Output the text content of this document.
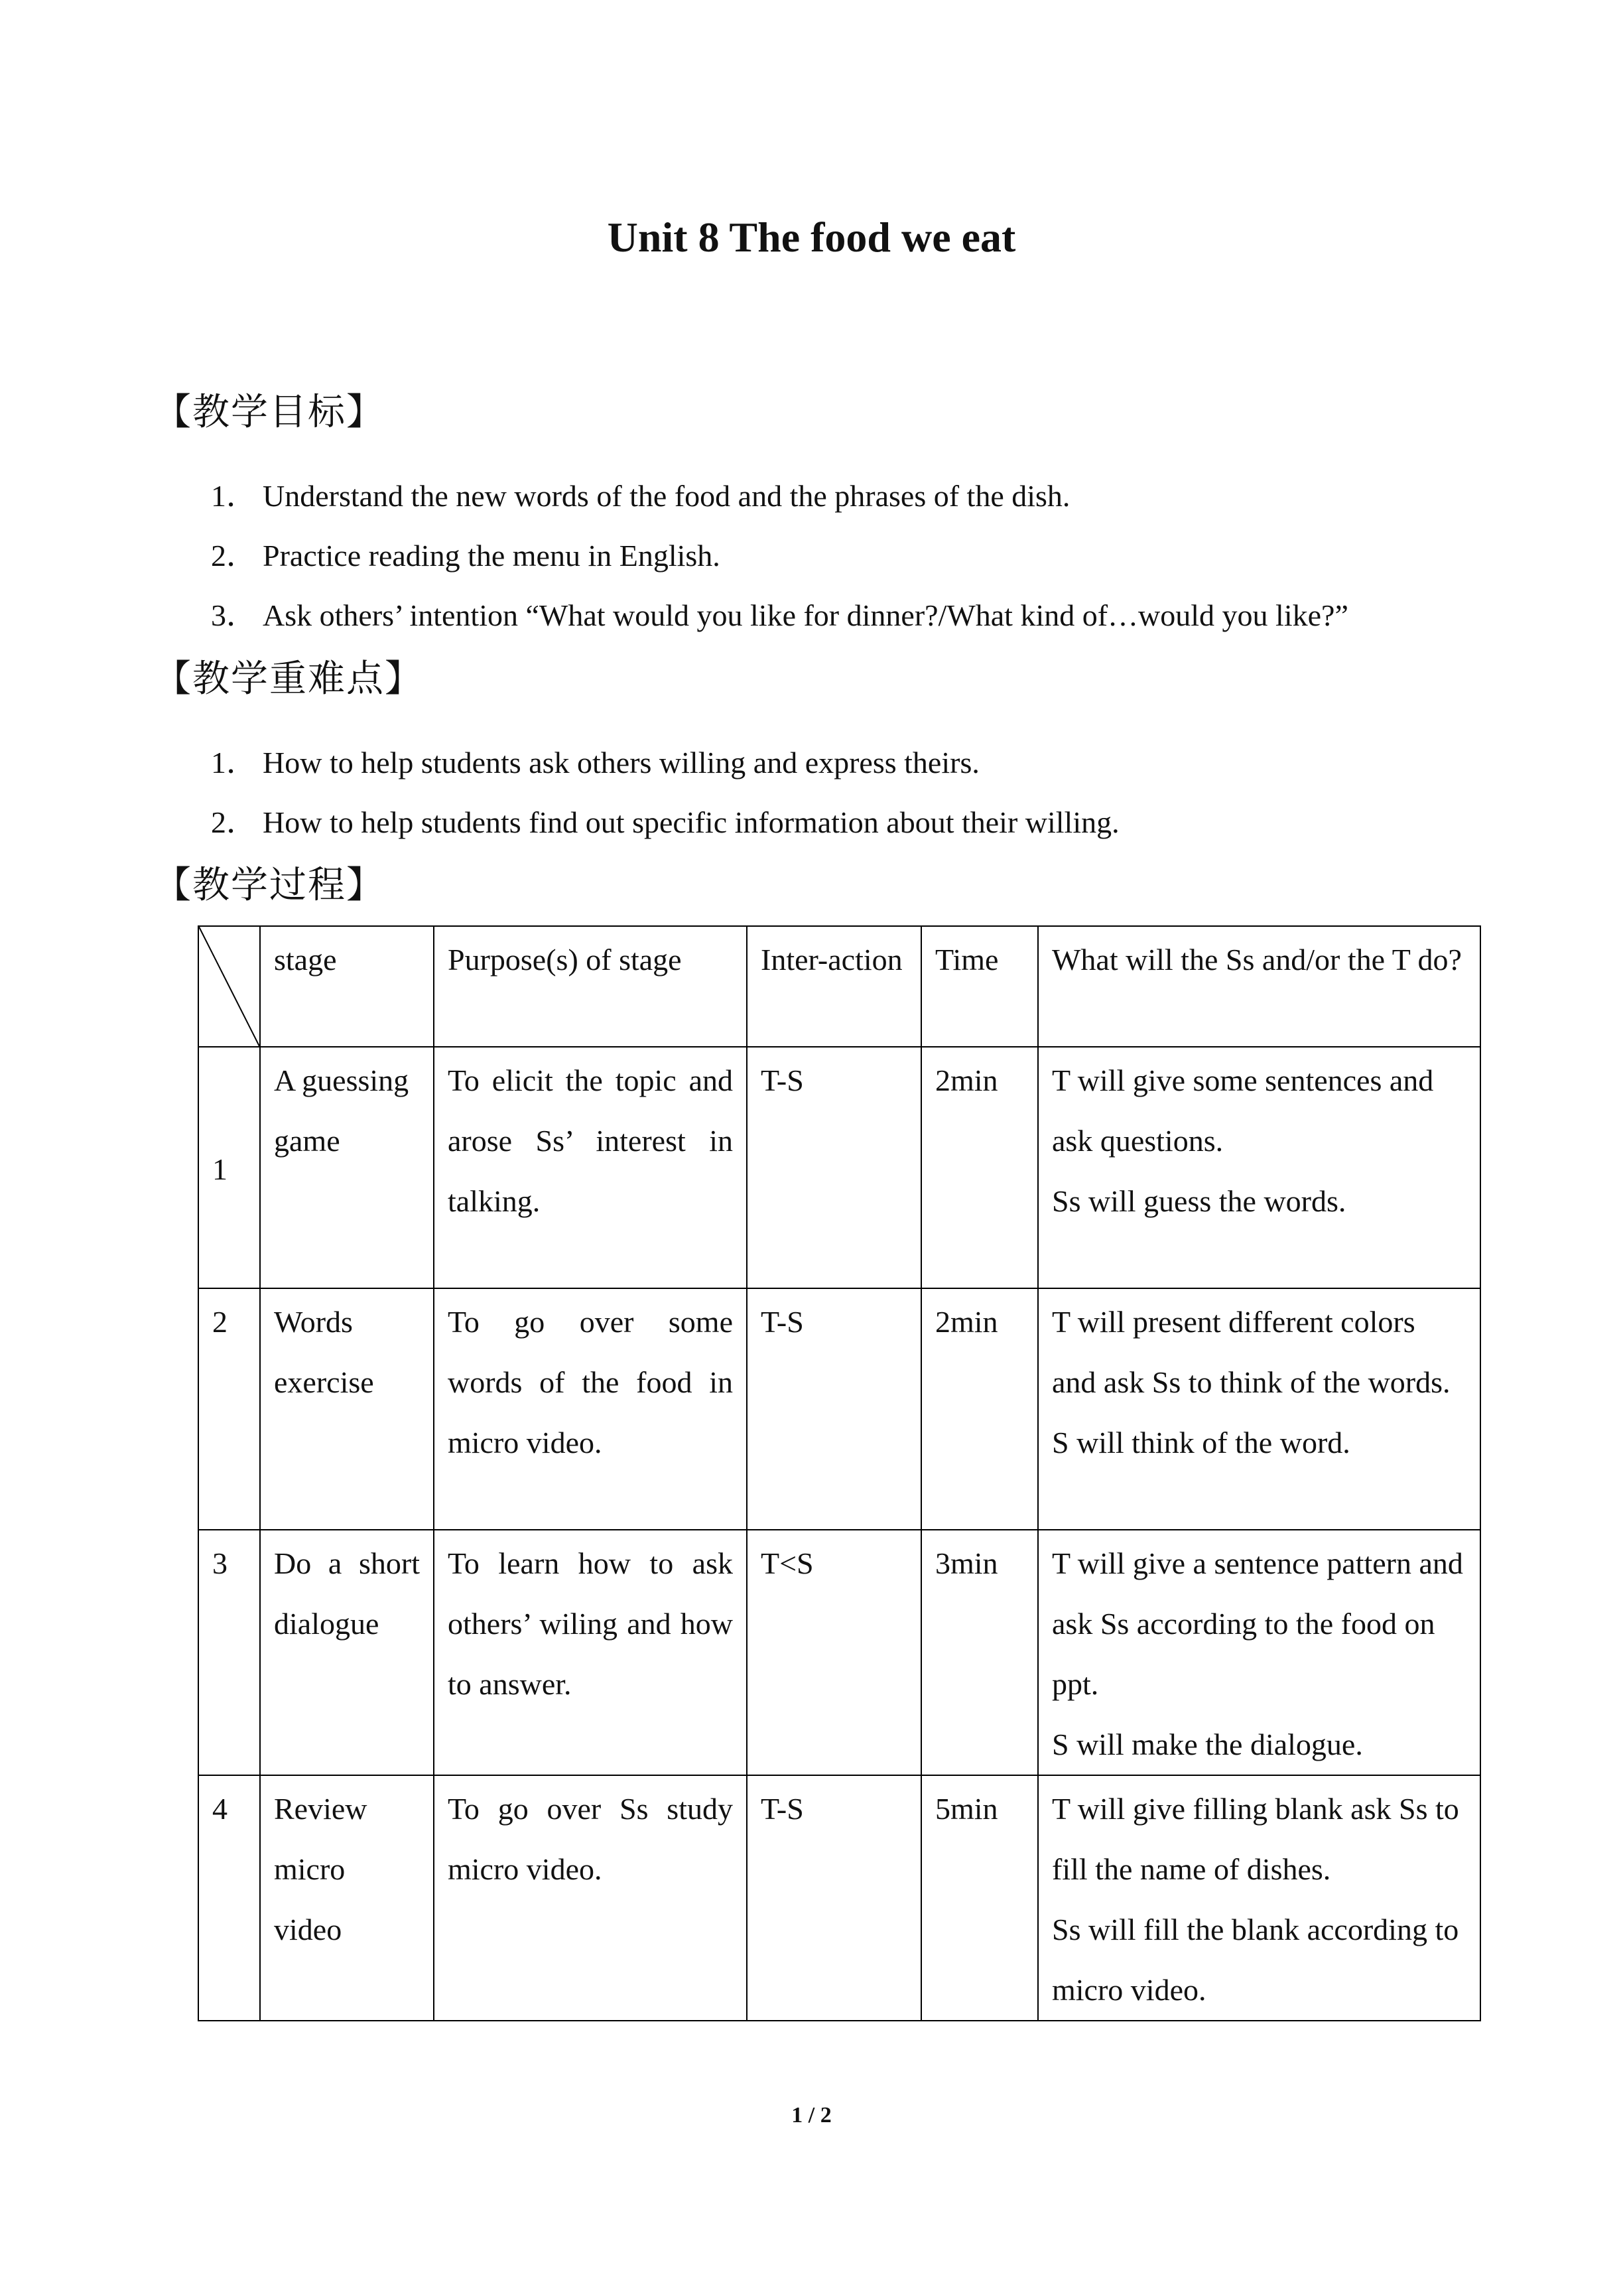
Unit 8 The food we eat
【教学目标】
1． Understand the new words of the food and the phrases of the dish.
2． Practice reading the menu in English.
3． Ask others’ intention “What would you like for dinner?/What kind of…would you like?”
【教学重难点】
1． How to help students ask others willing and express theirs.
2． How to help students find out specific information about their willing.
【教学过程】
	stage	Purpose(s) of stage	Inter-action	Time	What will the Ss and/or the T do?
1	A guessing game	To elicit the topic and arose Ss’ interest in talking.	T-S	2min	T will give some sentences and ask questions.
Ss will guess the words.

2	Words exercise	To go over some words of the food in micro video.	T-S	2min	T will present different colors and ask Ss to think of the words.
S will think of the word.

3	Do a short dialogue	To learn how to ask others’ wiling and how to answer.	T<S	3min	T will give a sentence pattern and ask Ss according to the food on ppt.
S will make the dialogue.

4	Review micro video	To go over Ss study micro video.	T-S	5min	T will give filling blank ask Ss to fill the name of dishes.
Ss will fill the blank according to micro video.
1 / 2
